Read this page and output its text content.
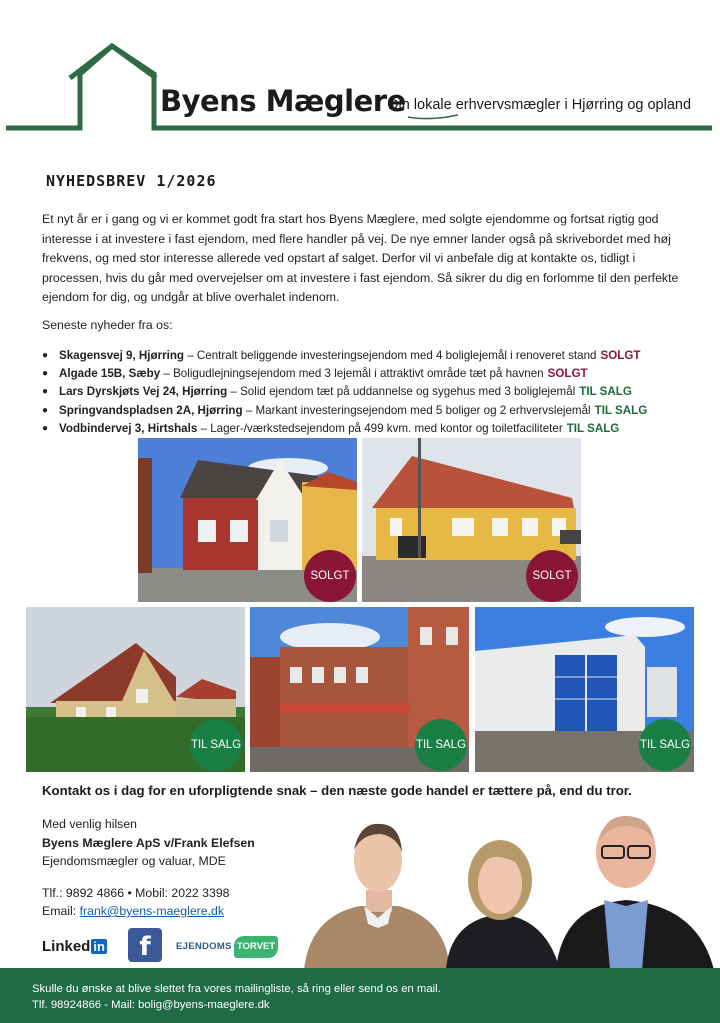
Byens Mæglere
Din lokale erhvervsmægler i Hjørring og opland
NYHEDSBREV 1/2026

Et nyt år er i gang og vi er kommet godt fra start hos Byens Mæglere, med solgte ejendomme og fortsat rigtig god interesse i at investere i fast ejendom, med flere handler på vej. De nye emner lander også på skrivebordet med høj frekvens, og med stor interesse allerede ved opstart af salget. Derfor vil vi anbefale dig at kontakte os, tidligt i processen, hvis du går med overvejelser om at investere i fast ejendom. Så sikrer du dig en forlomme til den perfekte ejendom for dig, og undgår at blive overhalet indenom.

Seneste nyheder fra os:
● Skagensvej 9, Hjørring – Centralt beliggende investeringsejendom med 4 boliglejemål i renoveret stand SOLGT
● Algade 15B, Sæby – Boligudlejningsejendom med 3 lejemål i attraktivt område tæt på havnen SOLGT
● Lars Dyrskjøts Vej 24, Hjørring – Solid ejendom tæt på uddannelse og sygehus med 3 boliglejemål TIL SALG
● Springvandspladsen 2A, Hjørring – Markant investeringsejendom med 5 boliger og 2 erhvervslejemål TIL SALG
● Vodbindervej 3, Hirtshals – Lager-/værkstedsejendom på 499 kvm. med kontor og toiletfaciliteter TIL SALG
SOLGT	SOLGT
TIL SALG	TIL SALG	TIL SALG
Kontakt os i dag for en uforpligtende snak – den næste gode handel er tættere på, end du tror.
Med venlig hilsen
Byens Mæglere ApS v/Frank Elefsen
Ejendomsmægler og valuar, MDE
Tlf.: 9892 4866 • Mobil: 2022 3398
Email: frank@byens-maeglere.dk
Linked in	f	EJENDOMS TORVET
Skulle du ønske at blive slettet fra vores mailingliste, så ring eller send os en mail.
Tlf. 98924866 - Mail: bolig@byens-maeglere.dk
